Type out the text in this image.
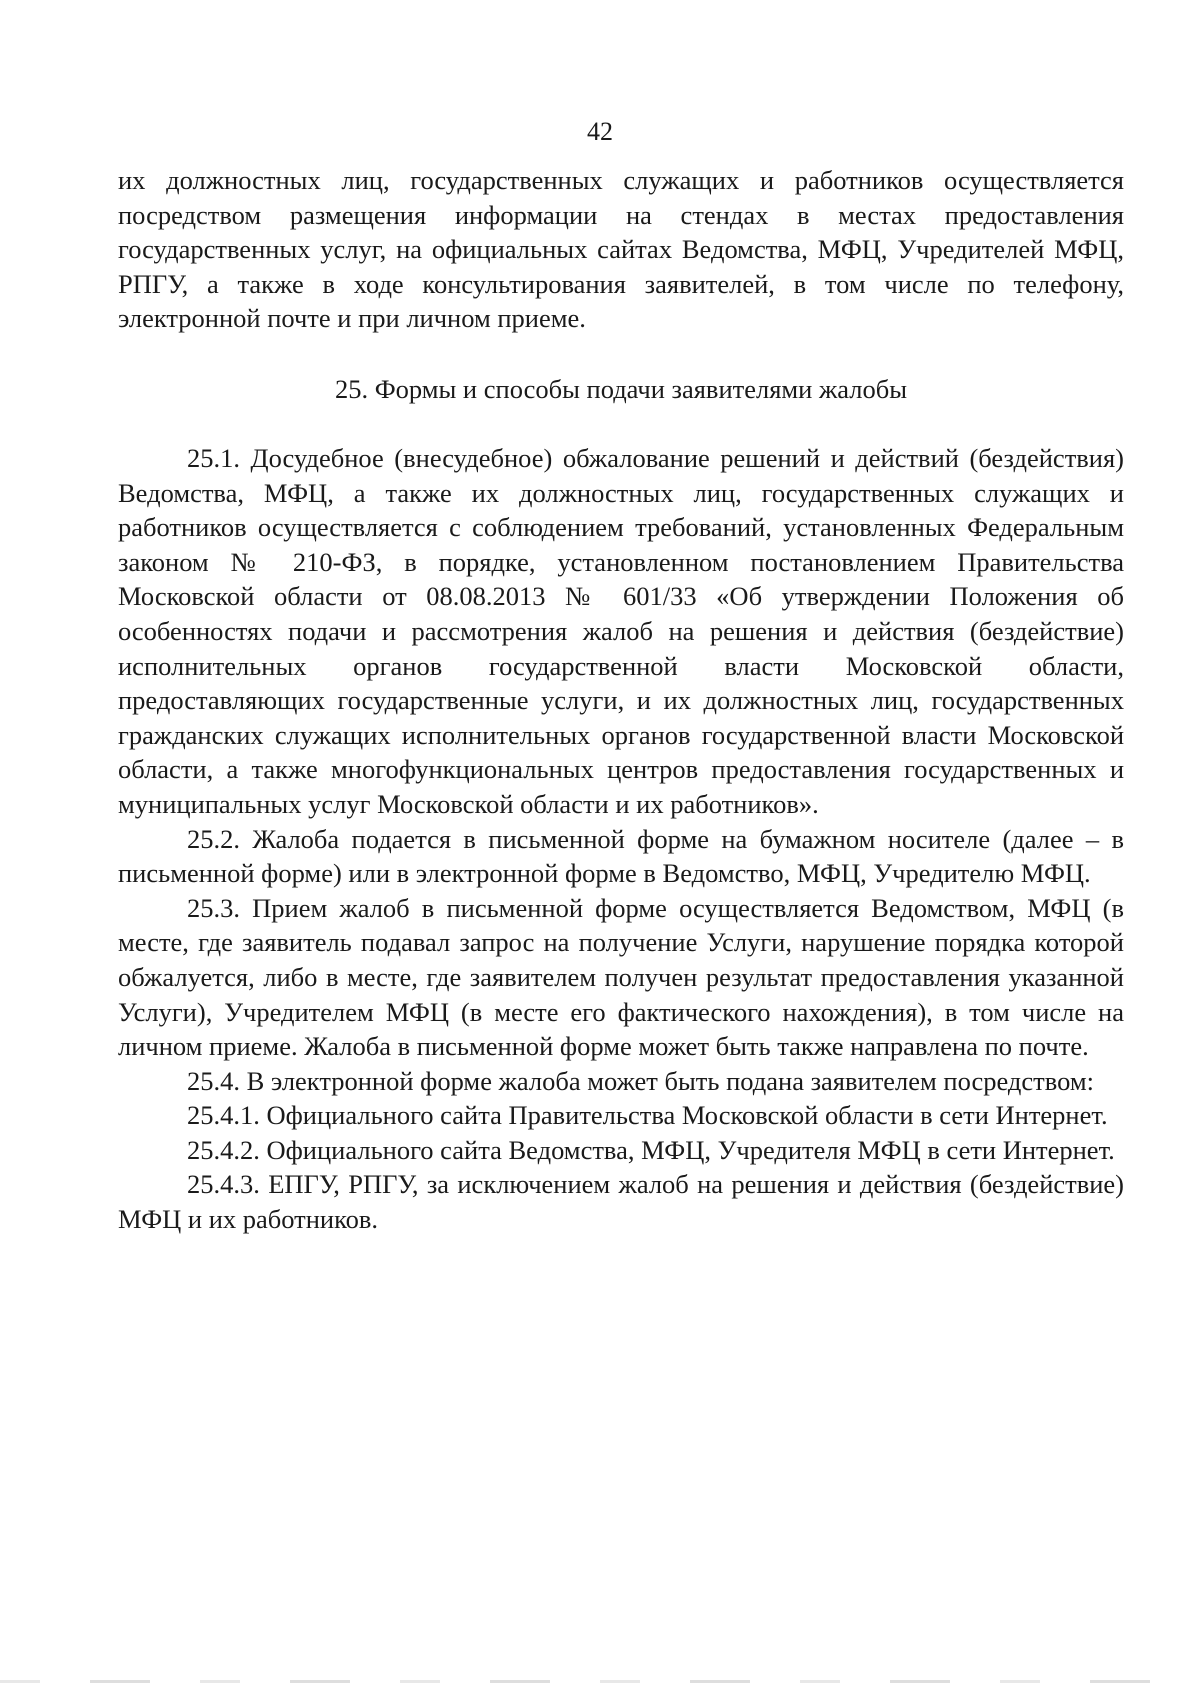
42

их должностных лиц, государственных служащих и работников осуществляется посредством размещения информации на стендах в местах предоставления государственных услуг, на официальных сайтах Ведомства, МФЦ, Учредителей МФЦ, РПГУ, а также в ходе консультирования заявителей, в том числе по телефону, электронной почте и при личном приеме.

25. Формы и способы подачи заявителями жалобы

25.1. Досудебное (внесудебное) обжалование решений и действий (бездействия) Ведомства, МФЦ, а также их должностных лиц, государственных служащих и работников осуществляется с соблюдением требований, установленных Федеральным законом № 210-ФЗ, в порядке, установленном постановлением Правительства Московской области от 08.08.2013 № 601/33 «Об утверждении Положения об особенностях подачи и рассмотрения жалоб на решения и действия (бездействие) исполнительных органов государственной власти Московской области, предоставляющих государственные услуги, и их должностных лиц, государственных гражданских служащих исполнительных органов государственной власти Московской области, а также многофункциональных центров предоставления государственных и муниципальных услуг Московской области и их работников».

25.2. Жалоба подается в письменной форме на бумажном носителе (далее – в письменной форме) или в электронной форме в Ведомство, МФЦ, Учредителю МФЦ.

25.3. Прием жалоб в письменной форме осуществляется Ведомством, МФЦ (в месте, где заявитель подавал запрос на получение Услуги, нарушение порядка которой обжалуется, либо в месте, где заявителем получен результат предоставления указанной Услуги), Учредителем МФЦ (в месте его фактического нахождения), в том числе на личном приеме. Жалоба в письменной форме может быть также направлена по почте.

25.4. В электронной форме жалоба может быть подана заявителем посредством:

25.4.1. Официального сайта Правительства Московской области в сети Интернет.

25.4.2. Официального сайта Ведомства, МФЦ, Учредителя МФЦ в сети Интернет.

25.4.3. ЕПГУ, РПГУ, за исключением жалоб на решения и действия (бездействие) МФЦ и их работников.
